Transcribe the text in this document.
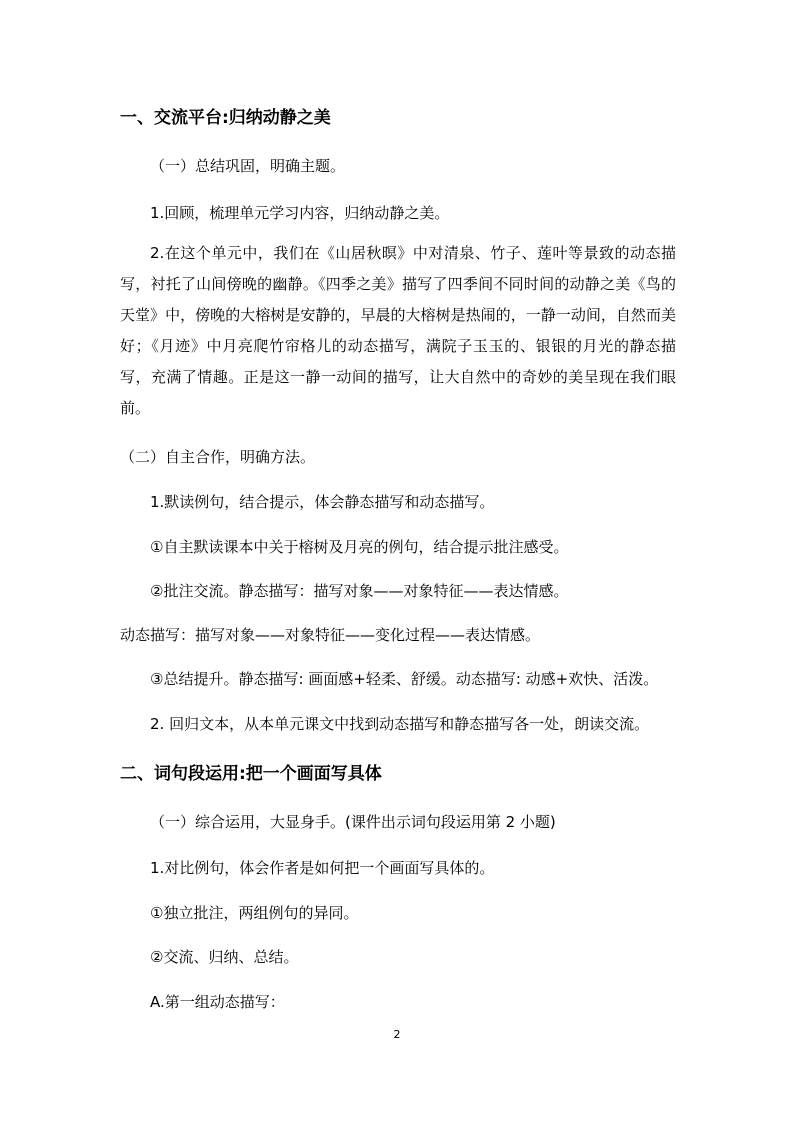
一、交流平台:归纳动静之美
（一）总结巩固，明确主题。
1.回顾，梳理单元学习内容，归纳动静之美。
2.在这个单元中，我们在《山居秋暝》中对清泉、竹子、莲叶等景致的动态描写，衬托了山间傍晚的幽静。《四季之美》描写了四季间不同时间的动静之美《鸟的天堂》中，傍晚的大榕树是安静的，早晨的大榕树是热闹的，一静一动间，自然而美好；《月迹》中月亮爬竹帘格儿的动态描写，满院子玉玉的、银银的月光的静态描写，充满了情趣。正是这一静一动间的描写，让大自然中的奇妙的美呈现在我们眼前。
（二）自主合作，明确方法。
1.默读例句，结合提示，体会静态描写和动态描写。
①自主默读课本中关于榕树及月亮的例句，结合提示批注感受。
②批注交流。静态描写：描写对象——对象特征——表达情感。
动态描写：描写对象——对象特征——变化过程——表达情感。
③总结提升。静态描写: 画面感+轻柔、舒缓。动态描写: 动感+欢快、活泼。
2. 回归文本，从本单元课文中找到动态描写和静态描写各一处，朗读交流。
二、词句段运用:把一个画面写具体
（一）综合运用，大显身手。(课件出示词句段运用第 2 小题)
1.对比例句，体会作者是如何把一个画面写具体的。
①独立批注，两组例句的异同。
②交流、归纳、总结。
A.第一组动态描写：
2
